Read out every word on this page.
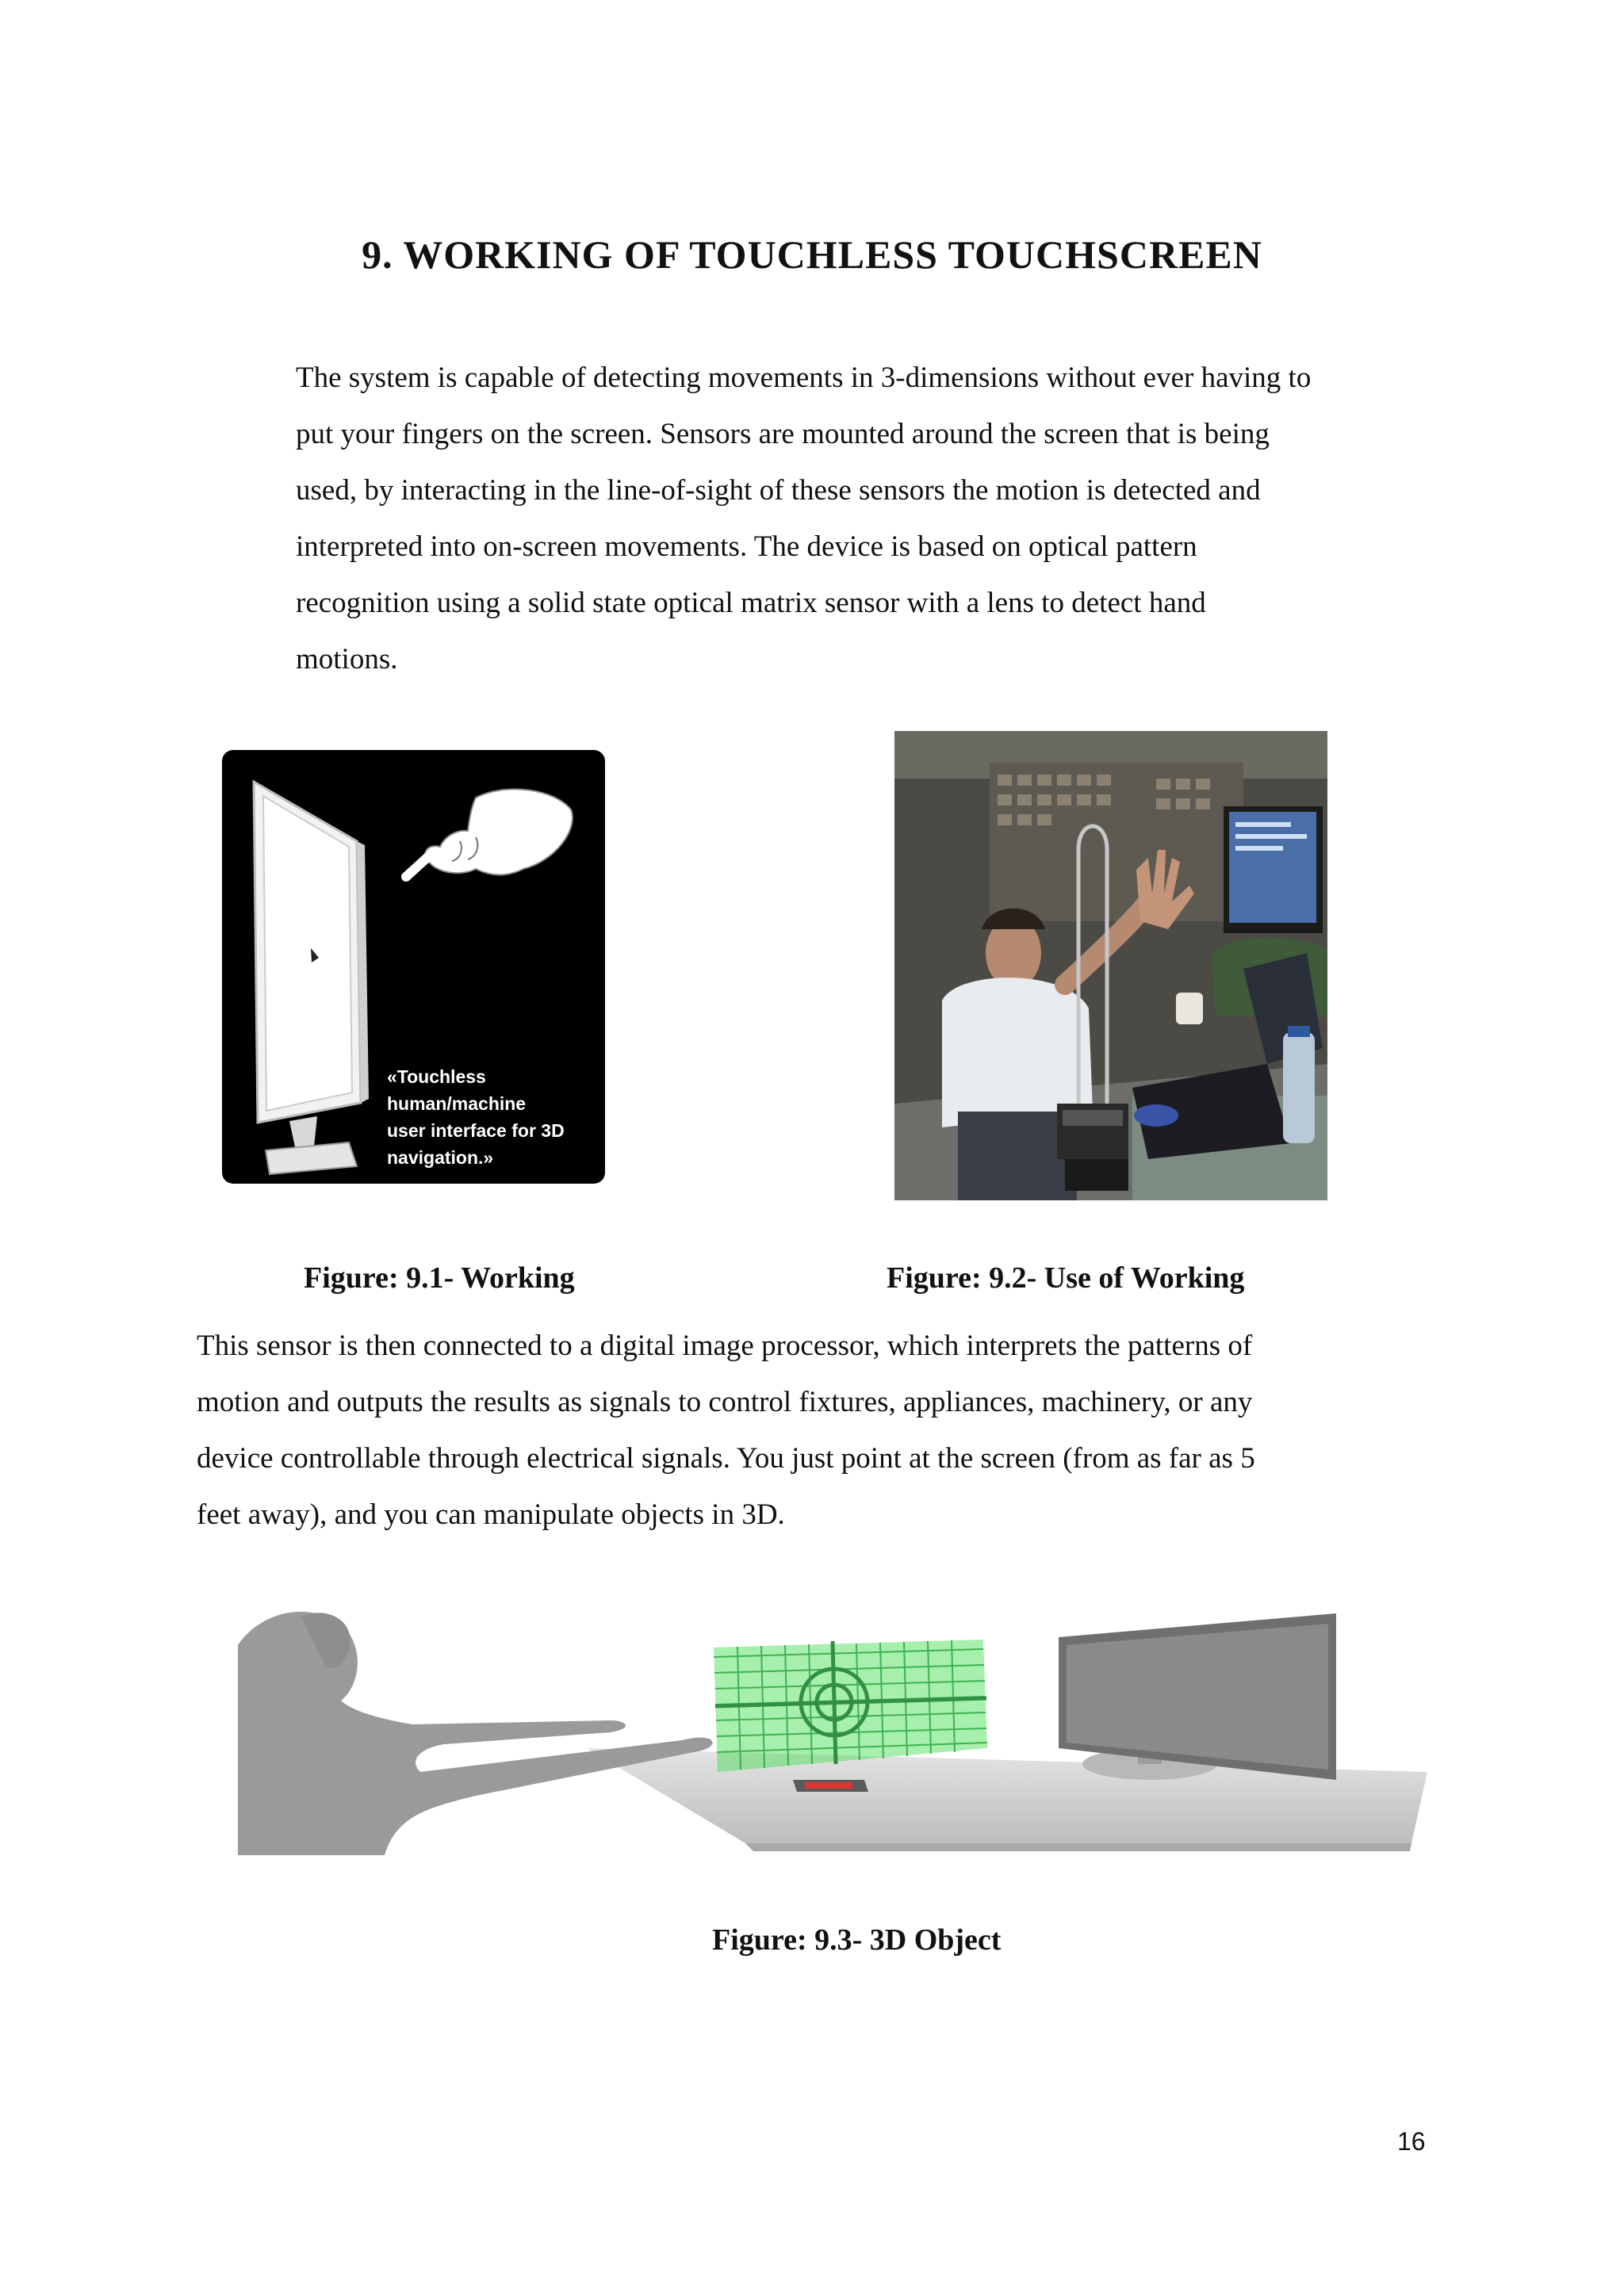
9. WORKING OF TOUCHLESS TOUCHSCREEN

The system is capable of detecting movements in 3-dimensions without ever having to
put your fingers on the screen. Sensors are mounted around the screen that is being
used, by interacting in the line-of-sight of these sensors the motion is detected and
interpreted into on-screen movements. The device is based on optical pattern
recognition using a solid state optical matrix sensor with a lens to detect hand
motions.

«Touchless human/machine
user interface for 3D navigation.»

Figure: 9.1- Working	Figure: 9.2- Use of Working

This sensor is then connected to a digital image processor, which interprets the patterns of
motion and outputs the results as signals to control fixtures, appliances, machinery, or any
device controllable through electrical signals. You just point at the screen (from as far as 5
feet away), and you can manipulate objects in 3D.

Figure: 9.3- 3D Object

16
